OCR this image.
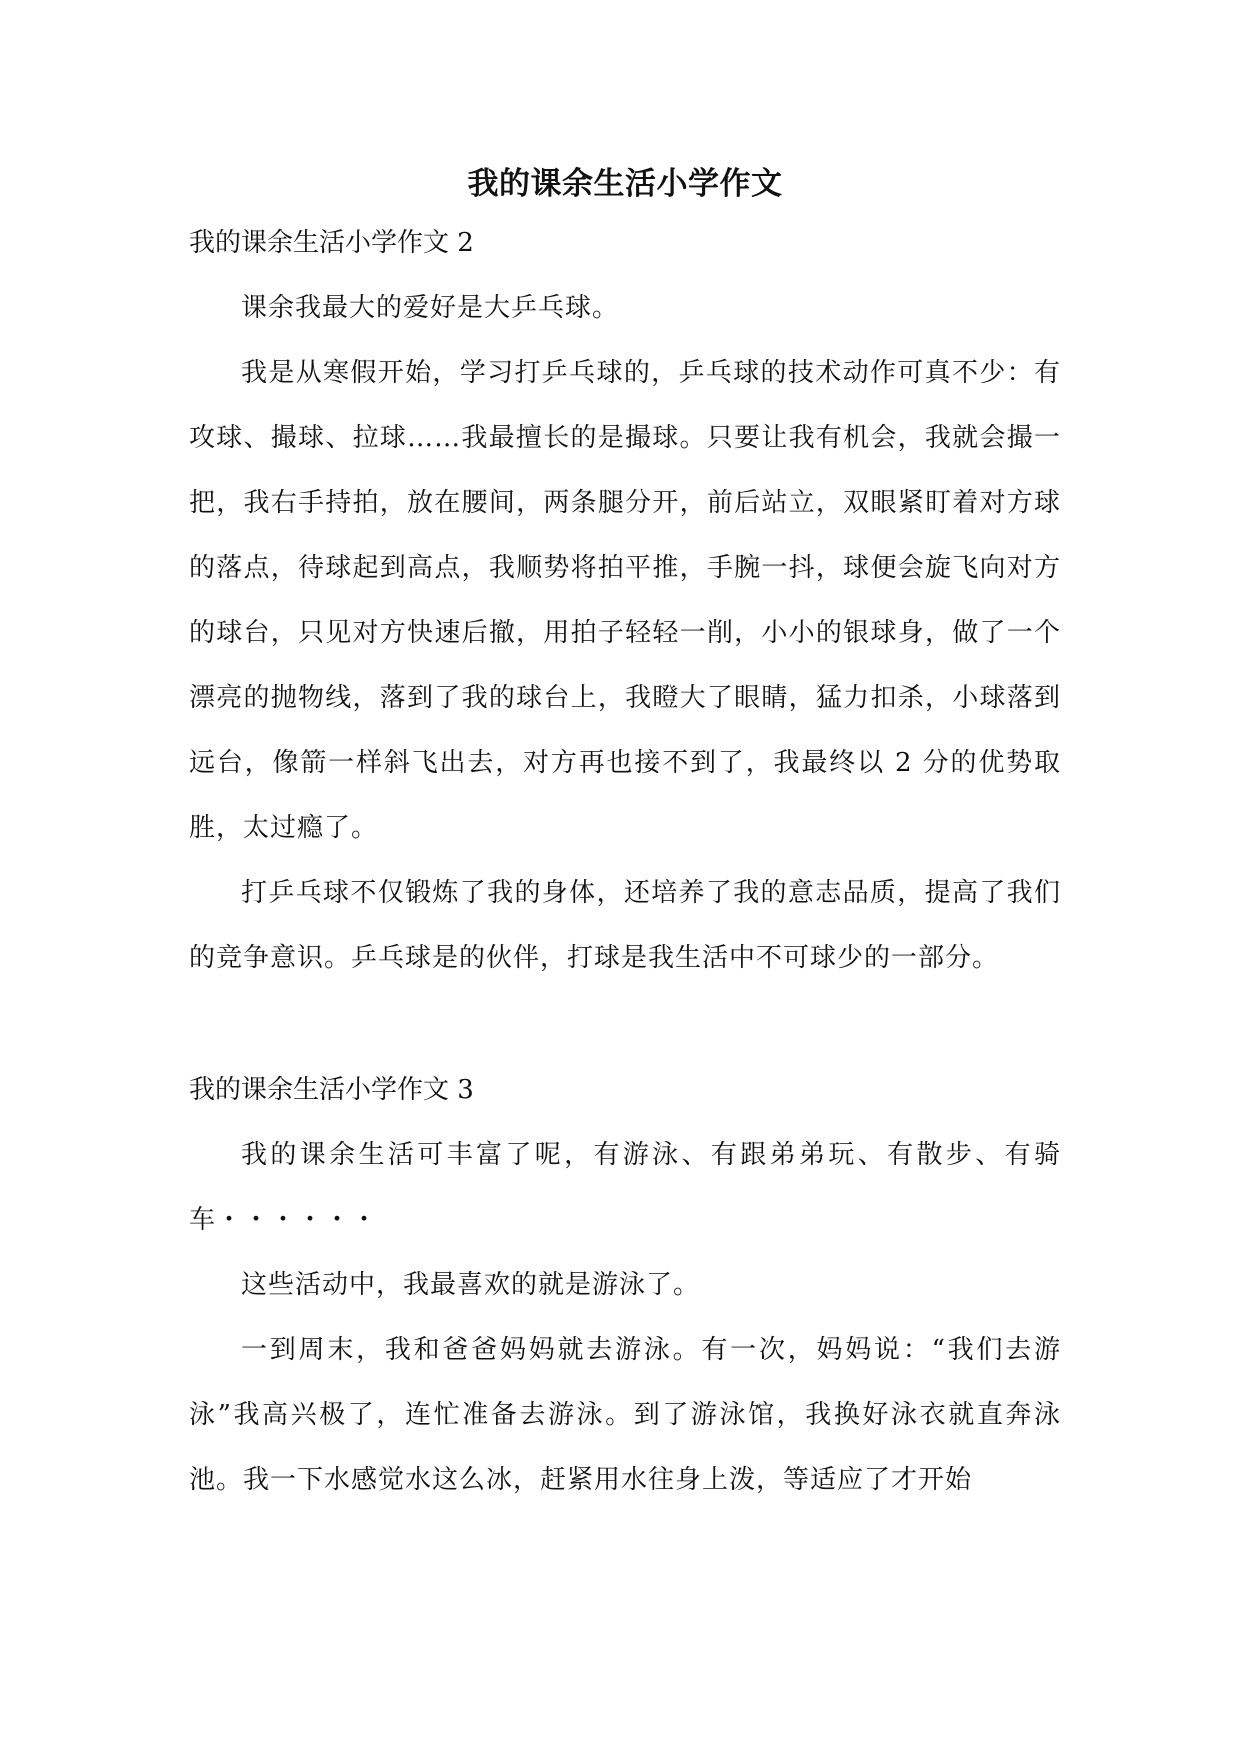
我的课余生活小学作文
我的课余生活小学作文 2

课余我最大的爱好是大乒乓球。

我是从寒假开始，学习打乒乓球的，乒乓球的技术动作可真不少：有攻球、撮球、拉球……我最擅长的是撮球。只要让我有机会，我就会撮一把，我右手持拍，放在腰间，两条腿分开，前后站立，双眼紧盯着对方球的落点，待球起到高点，我顺势将拍平推，手腕一抖，球便会旋飞向对方的球台，只见对方快速后撤，用拍子轻轻一削，小小的银球身，做了一个漂亮的抛物线，落到了我的球台上，我瞪大了眼睛，猛力扣杀，小球落到远台，像箭一样斜飞出去，对方再也接不到了，我最终以 2 分的优势取胜，太过瘾了。

打乒乓球不仅锻炼了我的身体，还培养了我的意志品质，提高了我们的竞争意识。乒乓球是的伙伴，打球是我生活中不可球少的一部分。

我的课余生活小学作文 3

我的课余生活可丰富了呢，有游泳、有跟弟弟玩、有散步、有骑车・・・・・・

这些活动中，我最喜欢的就是游泳了。

一到周末，我和爸爸妈妈就去游泳。有一次，妈妈说：“我们去游泳”我高兴极了，连忙准备去游泳。到了游泳馆，我换好泳衣就直奔泳池。我一下水感觉水这么冰，赶紧用水往身上泼，等适应了才开始
